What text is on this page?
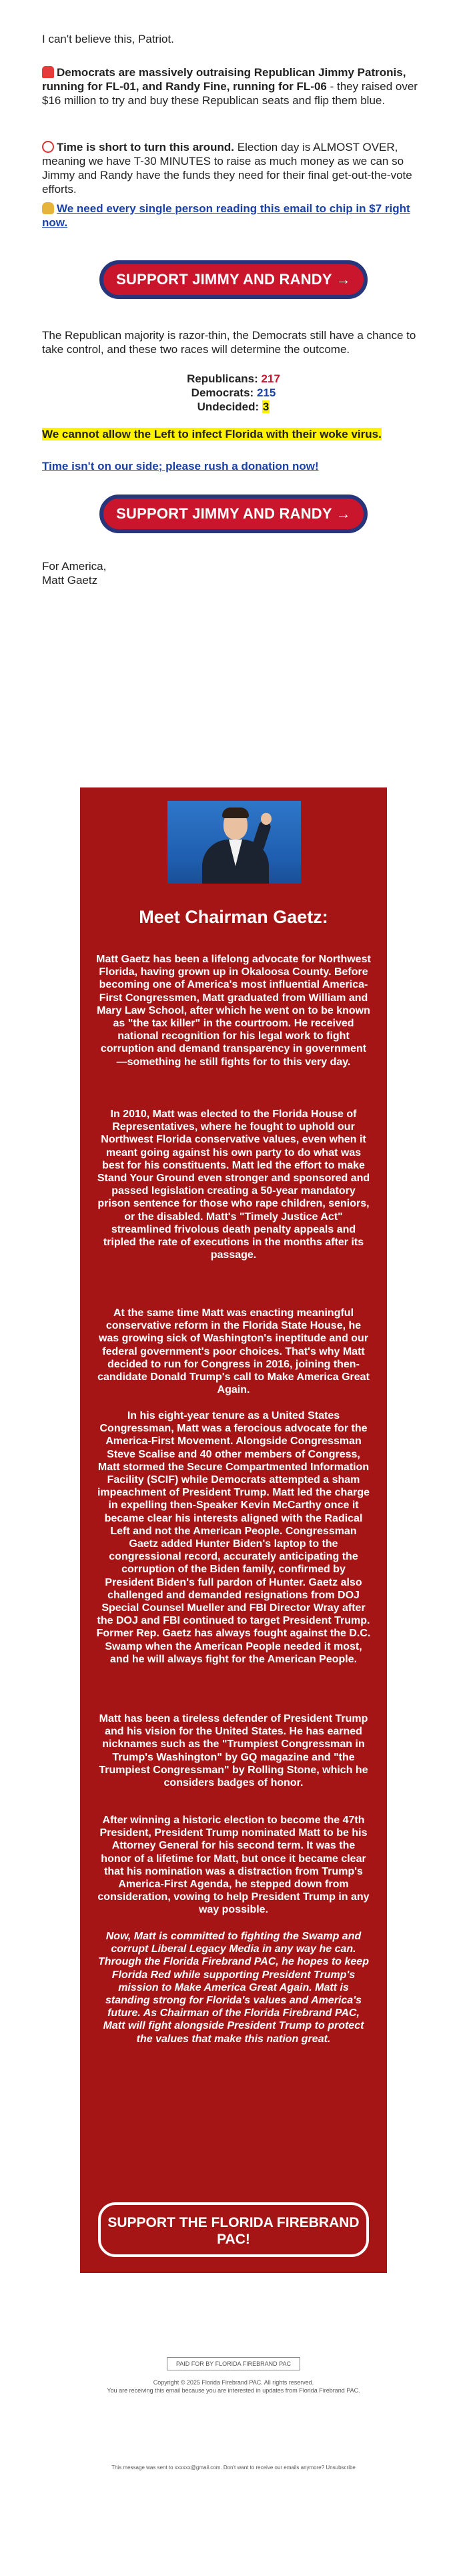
I can't believe this, Patriot.

Democrats are massively outraising Republican Jimmy Patronis, running for FL-01, and Randy Fine, running for FL-06 - they raised over $16 million to try and buy these Republican seats and flip them blue.

Time is short to turn this around. Election day is ALMOST OVER, meaning we have T-30 MINUTES to raise as much money as we can so Jimmy and Randy have the funds they need for their final get-out-the-vote efforts.

We need every single person reading this email to chip in $7 right now.

SUPPORT JIMMY AND RANDY →

The Republican majority is razor-thin, the Democrats still have a chance to take control, and these two races will determine the outcome.

Republicans: 217
Democrats: 215
Undecided: 3

We cannot allow the Left to infect Florida with their woke virus.

Time isn't on our side; please rush a donation now!

SUPPORT JIMMY AND RANDY →

For America,

Matt Gaetz

Meet Chairman Gaetz:

Matt Gaetz has been a lifelong advocate for Northwest Florida, having grown up in Okaloosa County. Before becoming one of America's most influential America-First Congressmen, Matt graduated from William and Mary Law School, after which he went on to be known as "the tax killer" in the courtroom. He received national recognition for his legal work to fight corruption and demand transparency in government—something he still fights for to this very day.

In 2010, Matt was elected to the Florida House of Representatives, where he fought to uphold our Northwest Florida conservative values, even when it meant going against his own party to do what was best for his constituents. Matt led the effort to make Stand Your Ground even stronger and sponsored and passed legislation creating a 50-year mandatory prison sentence for those who rape children, seniors, or the disabled. Matt's "Timely Justice Act" streamlined frivolous death penalty appeals and tripled the rate of executions in the months after its passage.

At the same time Matt was enacting meaningful conservative reform in the Florida State House, he was growing sick of Washington's ineptitude and our federal government's poor choices. That's why Matt decided to run for Congress in 2016, joining then-candidate Donald Trump's call to Make America Great Again.

In his eight-year tenure as a United States Congressman, Matt was a ferocious advocate for the America-First Movement. Alongside Congressman Steve Scalise and 40 other members of Congress, Matt stormed the Secure Compartmented Information Facility (SCIF) while Democrats attempted a sham impeachment of President Trump. Matt led the charge in expelling then-Speaker Kevin McCarthy once it became clear his interests aligned with the Radical Left and not the American People. Congressman Gaetz added Hunter Biden's laptop to the congressional record, accurately anticipating the corruption of the Biden family, confirmed by President Biden's full pardon of Hunter. Gaetz also challenged and demanded resignations from DOJ Special Counsel Mueller and FBI Director Wray after the DOJ and FBI continued to target President Trump. Former Rep. Gaetz has always fought against the D.C. Swamp when the American People needed it most, and he will always fight for the American People.

Matt has been a tireless defender of President Trump and his vision for the United States. He has earned nicknames such as the "Trumpiest Congressman in Trump's Washington" by GQ magazine and "the Trumpiest Congressman" by Rolling Stone, which he considers badges of honor.

After winning a historic election to become the 47th President, President Trump nominated Matt to be his Attorney General for his second term. It was the honor of a lifetime for Matt, but once it became clear that his nomination was a distraction from Trump's America-First Agenda, he stepped down from consideration, vowing to help President Trump in any way possible.

Now, Matt is committed to fighting the Swamp and corrupt Liberal Legacy Media in any way he can. Through the Florida Firebrand PAC, he hopes to keep Florida Red while supporting President Trump's mission to Make America Great Again. Matt is standing strong for Florida's values and America's future. As Chairman of the Florida Firebrand PAC, Matt will fight alongside President Trump to protect the values that make this nation great.

SUPPORT THE FLORIDA FIREBRAND PAC!
PAID FOR BY FLORIDA FIREBRAND PAC
Copyright © 2025 Florida Firebrand PAC. All rights reserved.
You are receiving this email because you are interested in updates from Florida Firebrand PAC.
This message was sent to xxxxxx@gmail.com. Don't want to receive our emails anymore? Unsubscribe
